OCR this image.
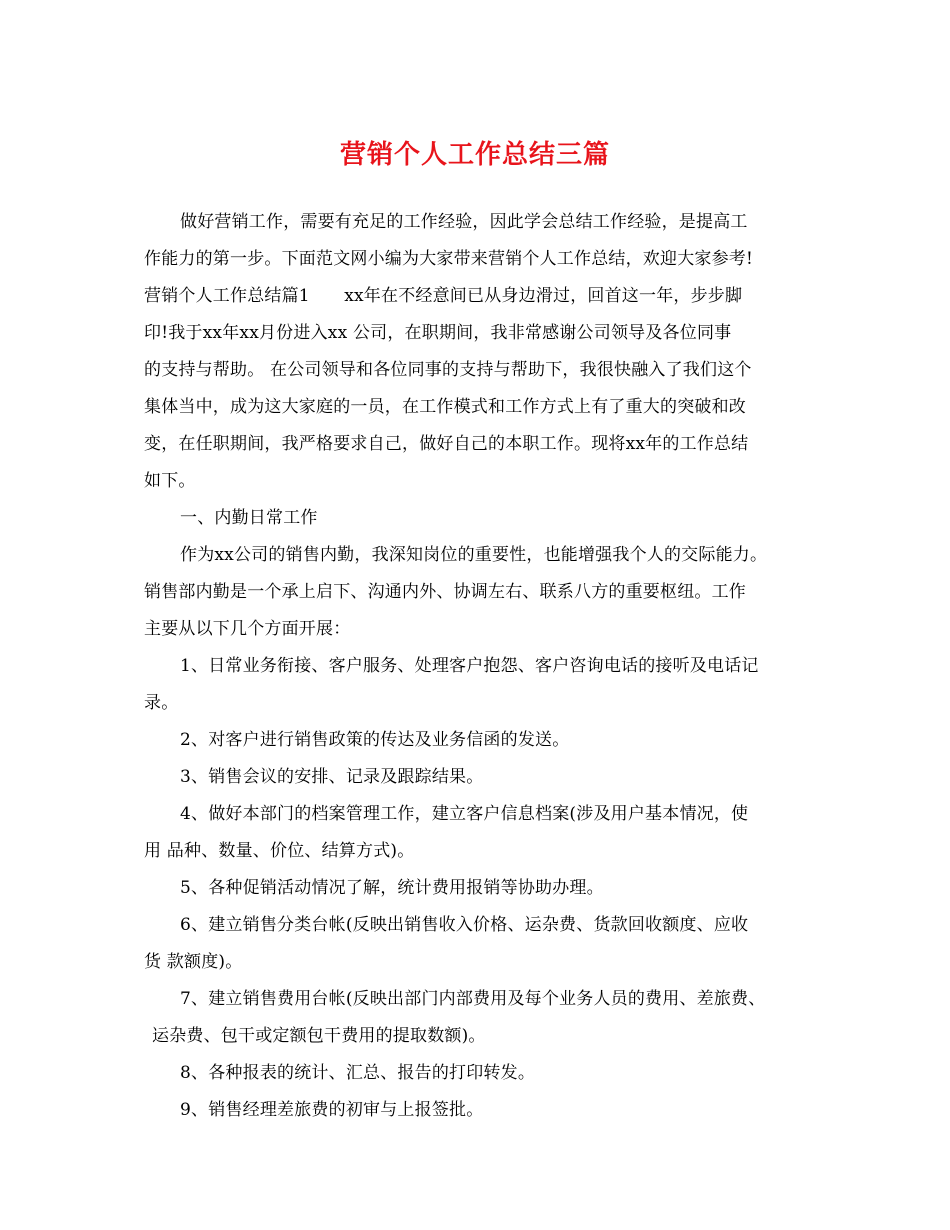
营销个人工作总结三篇
做好营销工作，需要有充足的工作经验，因此学会总结工作经验，是提高工
作能力的第一步。下面范文网小编为大家带来营销个人工作总结，欢迎大家参考!
营销个人工作总结篇1　　xx年在不经意间已从身边滑过，回首这一年，步步脚
印!我于xx年xx月份进入xx 公司，在职期间，我非常感谢公司领导及各位同事
的支持与帮助。 在公司领导和各位同事的支持与帮助下，我很快融入了我们这个
集体当中，成为这大家庭的一员，在工作模式和工作方式上有了重大的突破和改
变，在任职期间，我严格要求自己，做好自己的本职工作。现将xx年的工作总结
如下。
一、内勤日常工作
作为xx公司的销售内勤，我深知岗位的重要性，也能增强我个人的交际能力。
销售部内勤是一个承上启下、沟通内外、协调左右、联系八方的重要枢纽。工作
主要从以下几个方面开展：
1、日常业务衔接、客户服务、处理客户抱怨、客户咨询电话的接听及电话记
录。
2、对客户进行销售政策的传达及业务信函的发送。
3、销售会议的安排、记录及跟踪结果。
4、做好本部门的档案管理工作，建立客户信息档案(涉及用户基本情况，使
用 品种、数量、价位、结算方式)。
5、各种促销活动情况了解，统计费用报销等协助办理。
6、建立销售分类台帐(反映出销售收入价格、运杂费、货款回收额度、应收
货 款额度)。
7、建立销售费用台帐(反映出部门内部费用及每个业务人员的费用、差旅费、
运杂费、包干或定额包干费用的提取数额)。
8、各种报表的统计、汇总、报告的打印转发。
9、销售经理差旅费的初审与上报签批。
